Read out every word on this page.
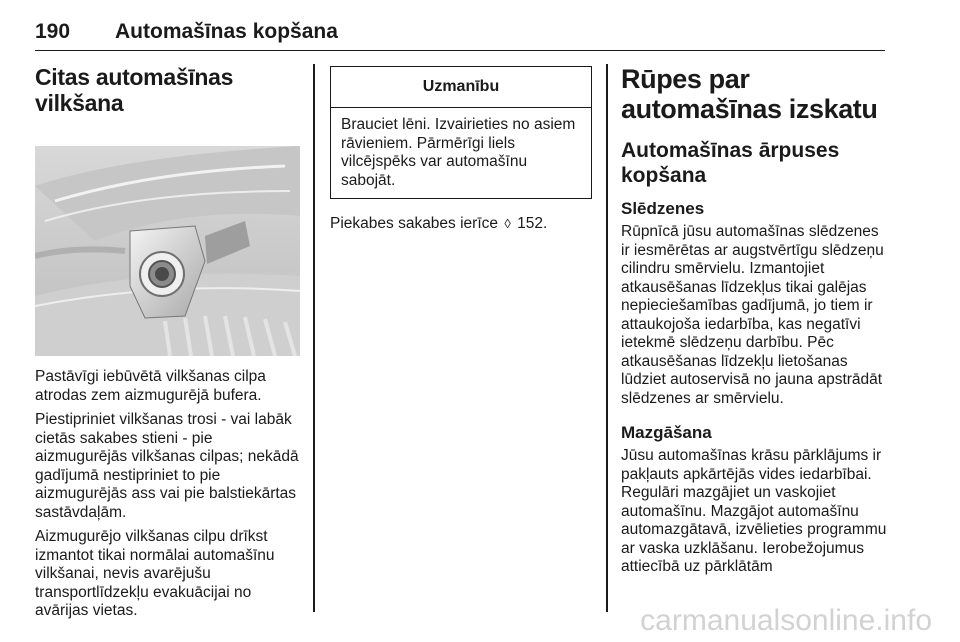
190 Automašīnas kopšana
Citas automašīnas vilkšana

Pastāvīgi iebūvētā vilkšanas cilpa atrodas zem aizmugurējā bufera.

Piestipriniet vilkšanas trosi - vai labāk cietās sakabes stieni - pie aizmugurējās vilkšanas cilpas; nekādā gadījumā nestipriniet to pie aizmugurējās ass vai pie balstiekārtas sastāvdaļām.

Aizmugurējo vilkšanas cilpu drīkst izmantot tikai normālai automašīnu vilkšanai, nevis avarējušu transportlīdzekļu evakuācijai no avārijas vietas.

Uzmanību
Brauciet lēni. Izvairieties no asiem rāvieniem. Pārmērīgi liels vilcējspēks var automašīnu sabojāt.

Piekabes sakabes ierīce ◊ 152.

Rūpes par automašīnas izskatu
Automašīnas ārpuses kopšana
Slēdzenes

Rūpnīcā jūsu automašīnas slēdzenes ir iesmērētas ar augstvērtīgu slēdzeņu cilindru smērvielu. Izmantojiet atkausēšanas līdzekļus tikai galējas nepieciešamības gadījumā, jo tiem ir attaukojoša iedarbība, kas negatīvi ietekmē slēdzeņu darbību. Pēc atkausēšanas līdzekļu lietošanas lūdziet autoservisā no jauna apstrādāt slēdzenes ar smērvielu.

Mazgāšana

Jūsu automašīnas krāsu pārklājums ir pakļauts apkārtējās vides iedarbībai. Regulāri mazgājiet un vaskojiet automašīnu. Mazgājot automašīnu automazgātavā, izvēlieties programmu ar vaska uzklāšanu. Ierobežojumus attiecībā uz pārklātām

carmanualsonline.info
